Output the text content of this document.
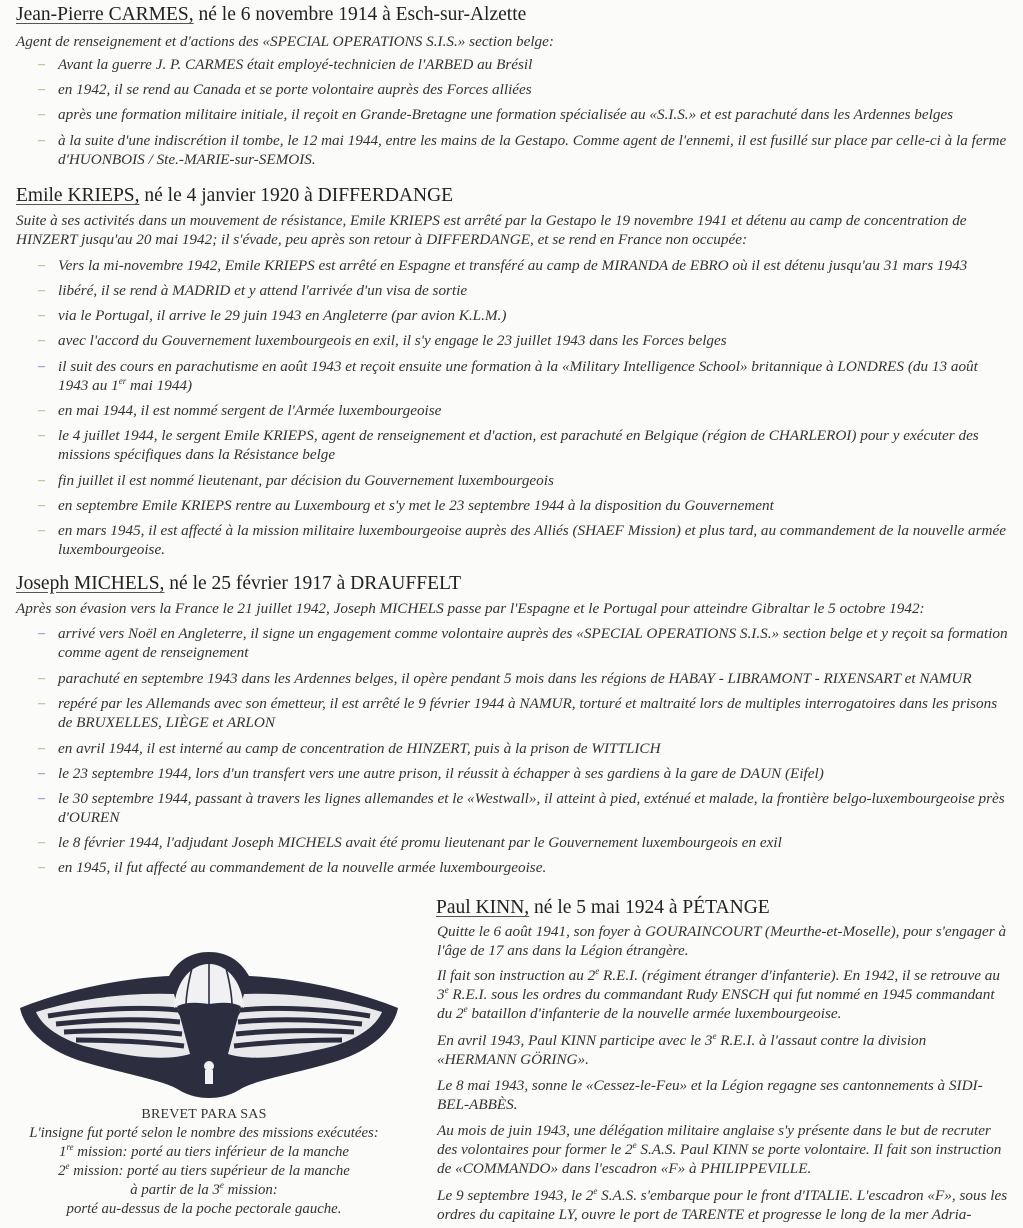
Jean-Pierre CARMES, né le 6 novembre 1914 à Esch-sur-Alzette
Agent de renseignement et d'actions des «SPECIAL OPERATIONS S.I.S.» section belge:
– Avant la guerre J. P. CARMES était employé-technicien de l'ARBED au Brésil
– en 1942, il se rend au Canada et se porte volontaire auprès des Forces alliées
– après une formation militaire initiale, il reçoit en Grande-Bretagne une formation spécialisée au «S.I.S.» et est parachuté dans les Ardennes belges
– à la suite d'une indiscrétion il tombe, le 12 mai 1944, entre les mains de la Gestapo. Comme agent de l'ennemi, il est fusillé sur place par celle-ci à la ferme d'HUONBOIS / Ste.-MARIE-sur-SEMOIS.
Emile KRIEPS, né le 4 janvier 1920 à DIFFERDANGE
Suite à ses activités dans un mouvement de résistance, Emile KRIEPS est arrêté par la Gestapo le 19 novembre 1941 et détenu au camp de concentration de HINZERT jusqu'au 20 mai 1942; il s'évade, peu après son retour à DIFFERDANGE, et se rend en France non occupée:
– Vers la mi-novembre 1942, Emile KRIEPS est arrêté en Espagne et transféré au camp de MIRANDA de EBRO où il est détenu jusqu'au 31 mars 1943
– libéré, il se rend à MADRID et y attend l'arrivée d'un visa de sortie
– via le Portugal, il arrive le 29 juin 1943 en Angleterre (par avion K.L.M.)
– avec l'accord du Gouvernement luxembourgeois en exil, il s'y engage le 23 juillet 1943 dans les Forces belges
– il suit des cours en parachutisme en août 1943 et reçoit ensuite une formation à la «Military Intelligence School» britannique à LONDRES (du 13 août 1943 au 1er mai 1944)
– en mai 1944, il est nommé sergent de l'Armée luxembourgeoise
– le 4 juillet 1944, le sergent Emile KRIEPS, agent de renseignement et d'action, est parachuté en Belgique (région de CHARLEROI) pour y exécuter des missions spécifiques dans la Résistance belge
– fin juillet il est nommé lieutenant, par décision du Gouvernement luxembourgeois
– en septembre Emile KRIEPS rentre au Luxembourg et s'y met le 23 septembre 1944 à la disposition du Gouvernement
– en mars 1945, il est affecté à la mission militaire luxembourgeoise auprès des Alliés (SHAEF Mission) et plus tard, au commandement de la nouvelle armée luxembourgeoise.
Joseph MICHELS, né le 25 février 1917 à DRAUFFELT
Après son évasion vers la France le 21 juillet 1942, Joseph MICHELS passe par l'Espagne et le Portugal pour atteindre Gibraltar le 5 octobre 1942:
– arrivé vers Noël en Angleterre, il signe un engagement comme volontaire auprès des «SPECIAL OPERATIONS S.I.S.» section belge et y reçoit sa formation comme agent de renseignement
– parachuté en septembre 1943 dans les Ardennes belges, il opère pendant 5 mois dans les régions de HABAY - LIBRAMONT - RIXENSART et NAMUR
– repéré par les Allemands avec son émetteur, il est arrêté le 9 février 1944 à NAMUR, torturé et maltraité lors de multiples interrogatoires dans les prisons de BRUXELLES, LIÈGE et ARLON
– en avril 1944, il est interné au camp de concentration de HINZERT, puis à la prison de WITTLICH
– le 23 septembre 1944, lors d'un transfert vers une autre prison, il réussit à échapper à ses gardiens à la gare de DAUN (Eifel)
– le 30 septembre 1944, passant à travers les lignes allemandes et le «Westwall», il atteint à pied, exténué et malade, la frontière belgo-luxembourgeoise près d'OUREN
– le 8 février 1944, l'adjudant Joseph MICHELS avait été promu lieutenant par le Gouvernement luxembourgeois en exil
– en 1945, il fut affecté au commandement de la nouvelle armée luxembourgeoise.
BREVET PARA SAS
L'insigne fut porté selon le nombre des missions exécutées:
1re mission: porté au tiers inférieur de la manche
2e mission: porté au tiers supérieur de la manche
à partir de la 3e mission:
porté au-dessus de la poche pectorale gauche.
Paul KINN, né le 5 mai 1924 à PÉTANGE
Quitte le 6 août 1941, son foyer à GOURAINCOURT (Meurthe-et-Moselle), pour s'engager à l'âge de 17 ans dans la Légion étrangère.
Il fait son instruction au 2e R.E.I. (régiment étranger d'infanterie). En 1942, il se retrouve au 3e R.E.I. sous les ordres du commandant Rudy ENSCH qui fut nommé en 1945 commandant du 2e bataillon d'infanterie de la nouvelle armée luxembourgeoise.
En avril 1943, Paul KINN participe avec le 3e R.E.I. à l'assaut contre la division «HERMANN GÖRING».
Le 8 mai 1943, sonne le «Cessez-le-Feu» et la Légion regagne ses cantonnements à SIDI-BEL-ABBÈS.
Au mois de juin 1943, une délégation militaire anglaise s'y présente dans le but de recruter des volontaires pour former le 2e S.A.S. Paul KINN se porte volontaire. Il fait son instruction de «COMMANDO» dans l'escadron «F» à PHILIPPEVILLE.
Le 9 septembre 1943, le 2e S.A.S. s'embarque pour le front d'ITALIE. L'escadron «F», sous les ordres du capitaine LY, ouvre le port de TARENTE et progresse le long de la mer Adria-
